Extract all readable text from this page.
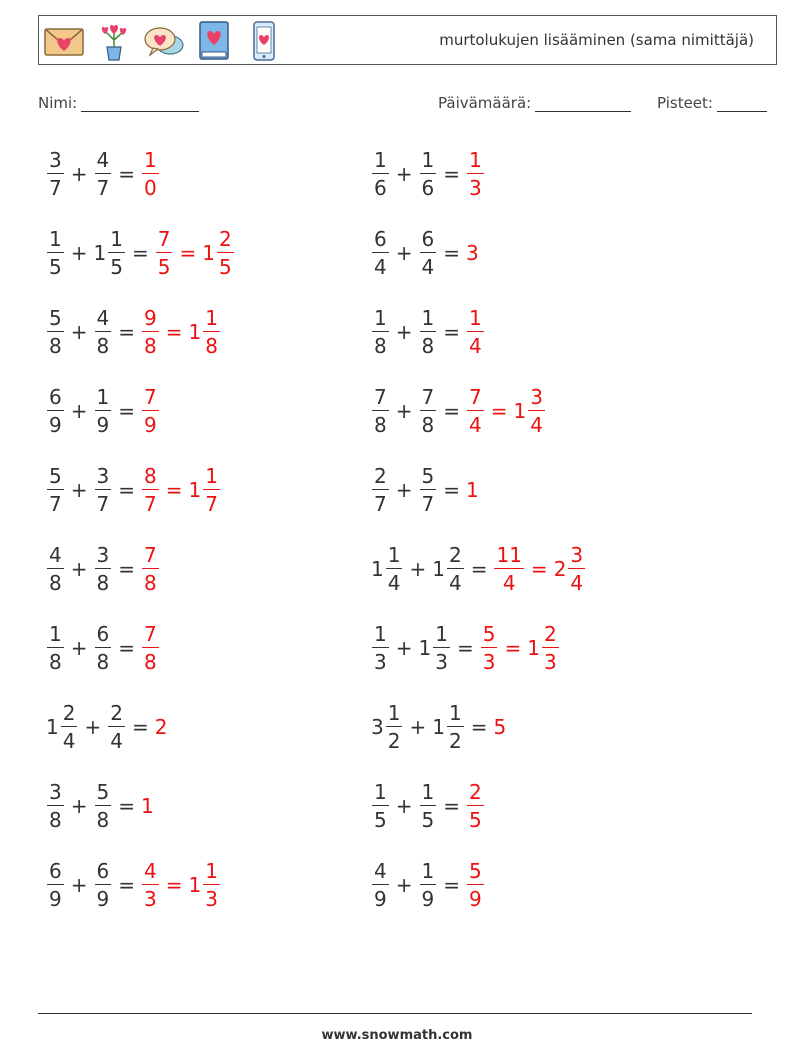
murtolukujen lisääminen (sama nimittäjä)
Nimi:	Päivämäärä:	Pisteet:
$\frac{3}{7} + \frac{4}{7} = \frac{1}{0}$	$\frac{1}{6} + \frac{1}{6} = \frac{1}{3}$
$\frac{1}{5} + 1 \frac{1}{5} = \frac{7}{5} = 1 \frac{2}{5}$	$\frac{6}{4} + \frac{6}{4} = 3$
$\frac{5}{8} + \frac{4}{8} = \frac{9}{8} = 1 \frac{1}{8}$	$\frac{1}{8} + \frac{1}{8} = \frac{1}{4}$
$\frac{6}{9} + \frac{1}{9} = \frac{7}{9}$	$\frac{7}{8} + \frac{7}{8} = \frac{7}{4} = 1 \frac{3}{4}$
$\frac{5}{7} + \frac{3}{7} = \frac{8}{7} = 1 \frac{1}{7}$	$\frac{2}{7} + \frac{5}{7} = 1$
$\frac{4}{8} + \frac{3}{8} = \frac{7}{8}$	$1 \frac{1}{4} + 1 \frac{2}{4} = \frac{11}{4} = 2 \frac{3}{4}$
$\frac{1}{8} + \frac{6}{8} = \frac{7}{8}$	$\frac{1}{3} + 1 \frac{1}{3} = \frac{5}{3} = 1 \frac{2}{3}$
$1 \frac{2}{4} + \frac{2}{4} = 2$	$3 \frac{1}{2} + 1 \frac{1}{2} = 5$
$\frac{3}{8} + \frac{5}{8} = 1$	$\frac{1}{5} + \frac{1}{5} = \frac{2}{5}$
$\frac{6}{9} + \frac{6}{9} = \frac{4}{3} = 1 \frac{1}{3}$	$\frac{4}{9} + \frac{1}{9} = \frac{5}{9}$
www.snowmath.com
